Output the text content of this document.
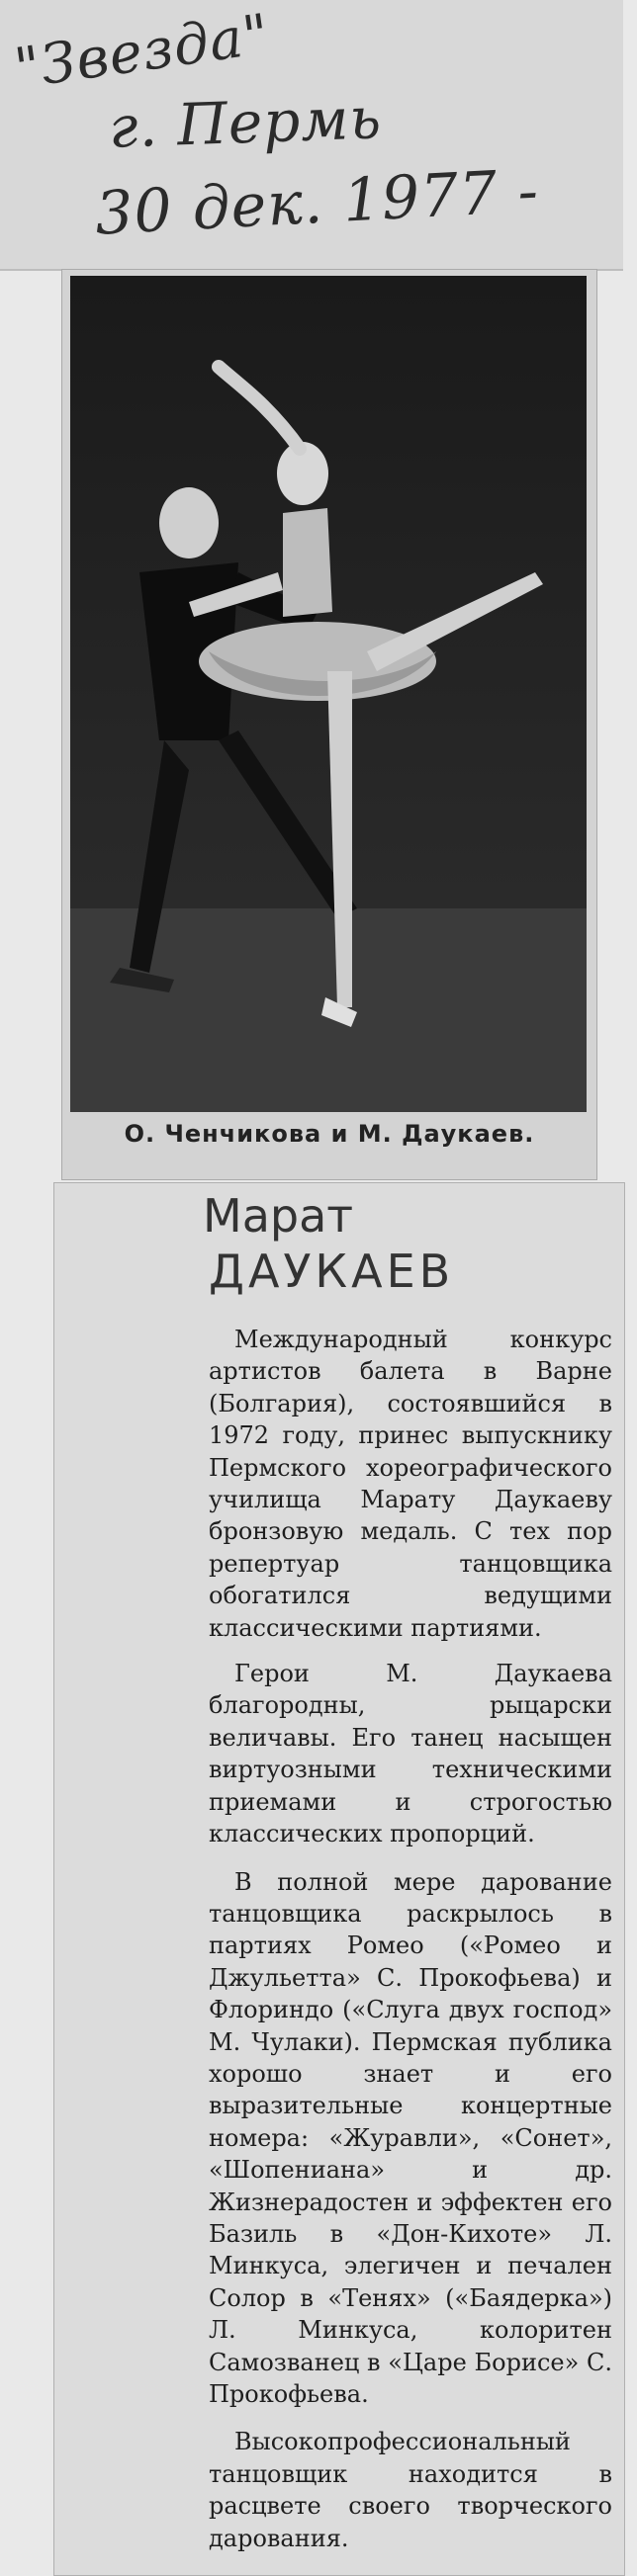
"Звезда"
г. Пермь
30 дек. 1977 -
О. Ченчикова и М. Даукаев.
Марат
ДАУКАЕВ

Международный конкурс артистов балета в Варне (Болгария), состоявшийся в 1972 году, принес выпускнику Пермского хореографического училища Марату Даукаеву бронзовую медаль. С тех пор репертуар танцовщика обогатился ведущими классическими партиями.

Герои М. Даукаева благородны, рыцарски величавы. Его танец насыщен виртуозными техническими приемами и строгостью классических пропорций.

В полной мере дарование танцовщика раскрылось в партиях Ромео («Ромео и Джульетта» С. Прокофьева) и Флориндо («Слуга двух господ» М. Чулаки). Пермская публика хорошо знает и его выразительные концертные номера: «Журавли», «Сонет», «Шопениана» и др. Жизнерадостен и эффектен его Базиль в «Дон-Кихоте» Л. Минкуса, элегичен и печален Солор в «Тенях» («Баядерка») Л. Минкуса, колоритен Самозванец в «Царе Борисе» С. Прокофьева.

Высокопрофессиональный танцовщик находится в расцвете своего творческого дарования.
